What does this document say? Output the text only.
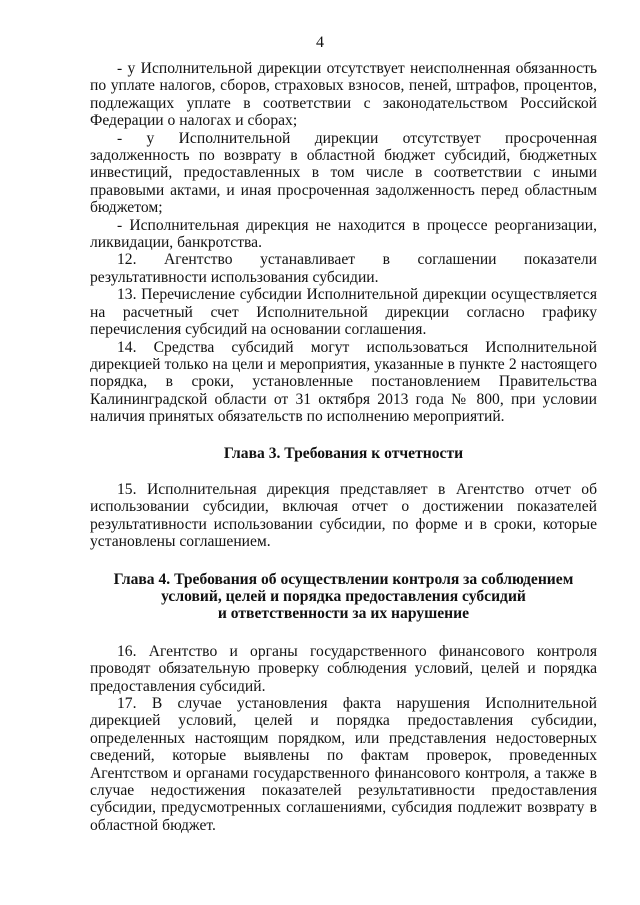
4

- у Исполнительной дирекции отсутствует неисполненная обязанность по уплате налогов, сборов, страховых взносов, пеней, штрафов, процентов, подлежащих уплате в соответствии с законодательством Российской Федерации о налогах и сборах;

- у Исполнительной дирекции отсутствует просроченная задолженность по возврату в областной бюджет субсидий, бюджетных инвестиций, предоставленных в том числе в соответствии с иными правовыми актами, и иная просроченная задолженность перед областным бюджетом;

- Исполнительная дирекция не находится в процессе реорганизации, ликвидации, банкротства.

12. Агентство устанавливает в соглашении показатели результативности использования субсидии.

13. Перечисление субсидии Исполнительной дирекции осуществляется на расчетный счет Исполнительной дирекции согласно графику перечисления субсидий на основании соглашения.

14. Средства субсидий могут использоваться Исполнительной дирекцией только на цели и мероприятия, указанные в пункте 2 настоящего порядка, в сроки, установленные постановлением Правительства Калининградской области от 31 октября 2013 года № 800, при условии наличия принятых обязательств по исполнению мероприятий.

Глава 3. Требования к отчетности

15. Исполнительная дирекция представляет в Агентство отчет об использовании субсидии, включая отчет о достижении показателей результативности использовании субсидии, по форме и в сроки, которые установлены соглашением.

Глава 4. Требования об осуществлении контроля за соблюдением
условий, целей и порядка предоставления субсидий
и ответственности за их нарушение

16. Агентство и органы государственного финансового контроля проводят обязательную проверку соблюдения условий, целей и порядка предоставления субсидий.

17. В случае установления факта нарушения Исполнительной дирекцией условий, целей и порядка предоставления субсидии, определенных настоящим порядком, или представления недостоверных сведений, которые выявлены по фактам проверок, проведенных Агентством и органами государственного финансового контроля, а также в случае недостижения показателей результативности предоставления субсидии, предусмотренных соглашениями, субсидия подлежит возврату в областной бюджет.
